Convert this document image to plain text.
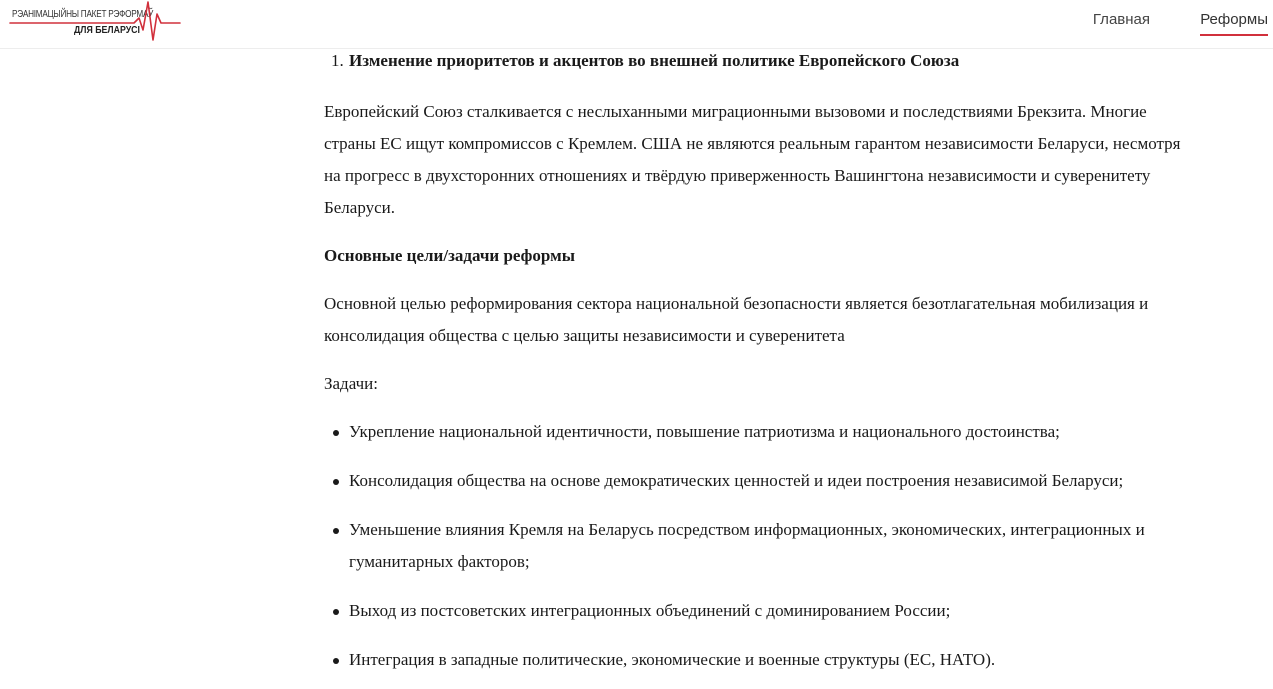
РЭАНІМАЦЫЙНЫ ПАКЕТ РЭФОРМАЎ
ДЛЯ БЕЛАРУСІ
Главная	Реформы
1. Изменение приоритетов и акцентов во внешней политике Европейского Союза

Европейский Союз сталкивается с неслыханными миграционными вызовоми и последствиями Брекзита. Многие страны ЕС ищут компромиссов с Кремлем. США не являются реальным гарантом независимости Беларуси, несмотря на прогресс в двухсторонних отношениях и твёрдую приверженность Вашингтона независимости и суверенитету Беларуси.

Основные цели/задачи реформы

Основной целью реформирования сектора национальной безопасности является безотлагательная мобилизация и консолидация общества с целью защиты независимости и суверенитета

Задачи:

Укрепление национальной идентичности, повышение патриотизма и национального достоинства;
Консолидация общества на основе демократических ценностей и идеи построения независимой Беларуси;
Уменьшение влияния Кремля на Беларусь посредством информационных, экономических, интеграционных и гуманитарных факторов;
Выход из постсоветских интеграционных объединений с доминированием России;
Интеграция в западные политические, экономические и военные структуры (ЕС, НАТО).
